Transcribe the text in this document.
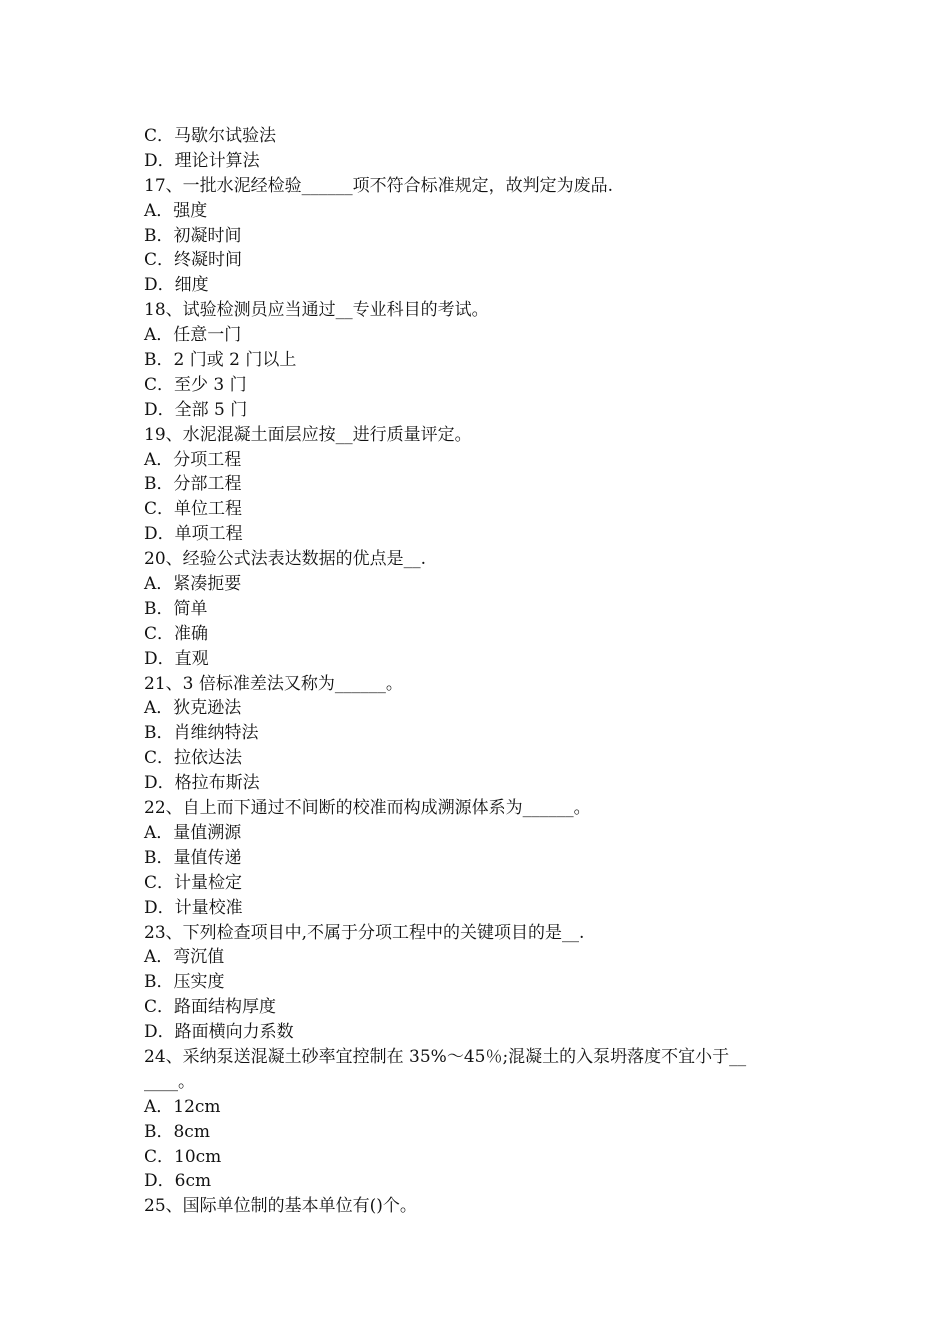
C．马歇尔试验法
D．理论计算法
17、一批水泥经检验______项不符合标准规定，故判定为废品.
A．强度
B．初凝时间
C．终凝时间
D．细度
18、试验检测员应当通过__专业科目的考试。
A．任意一门
B．2 门或 2 门以上
C．至少 3 门
D．全部 5 门
19、水泥混凝土面层应按__进行质量评定。
A．分项工程
B．分部工程
C．单位工程
D．单项工程
20、经验公式法表达数据的优点是__.
A．紧凑扼要
B．简单
C．准确
D．直观
21、3 倍标准差法又称为______。
A．狄克逊法
B．肖维纳特法
C．拉依达法
D．格拉布斯法
22、自上而下通过不间断的校准而构成溯源体系为______。
A．量值溯源
B．量值传递
C．计量检定
D．计量校准
23、下列检查项目中,不属于分项工程中的关键项目的是__.
A．弯沉值
B．压实度
C．路面结构厚度
D．路面横向力系数
24、采纳泵送混凝土砂率宜控制在 35%～45％;混凝土的入泵坍落度不宜小于__
____。
A．12cm
B．8cm
C．10cm
D．6cm
25、国际单位制的基本单位有()个。
